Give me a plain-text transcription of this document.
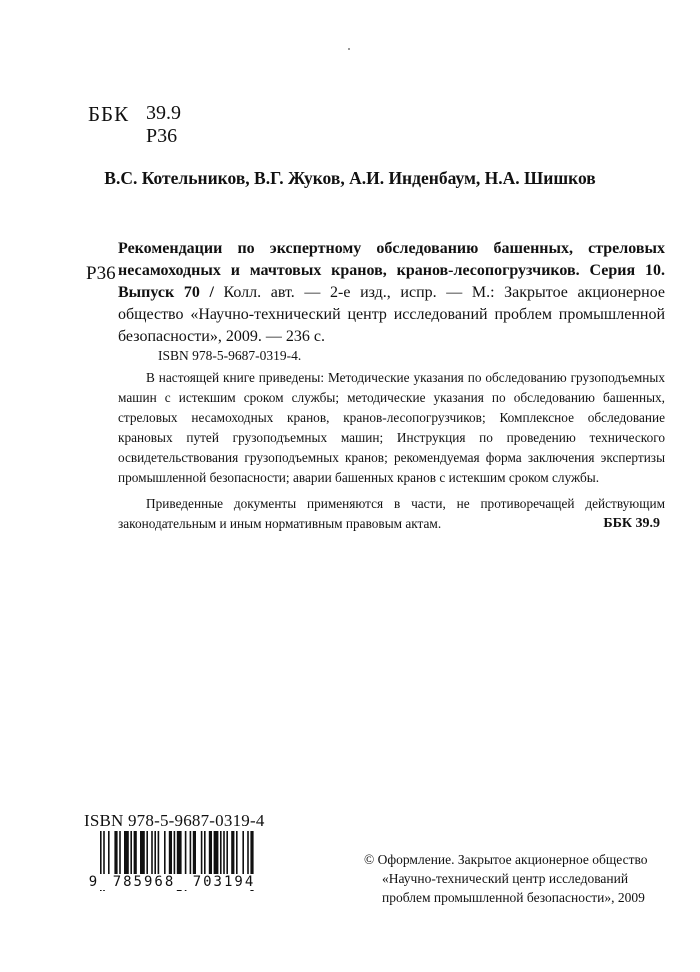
ББК 39.9
Р36
В.С. Котельников, В.Г. Жуков, А.И. Инденбаум, Н.А. Шишков
Р36
Рекомендации по экспертному обследованию башенных, стреловых несамоходных и мачтовых кранов, кранов-лесопогрузчиков. Серия 10. Выпуск 70 / Колл. авт. — 2-е изд., испр. — М.: Закрытое акционерное общество «Научно-технический центр исследований проблем промышленной безопасности», 2009. — 236 с.
ISBN 978-5-9687-0319-4.

В настоящей книге приведены: Методические указания по обследованию грузоподъемных машин с истекшим сроком службы; методические указания по обследованию башенных, стреловых несамоходных кранов, кранов-лесопогрузчиков; Комплексное обследование крановых путей грузоподъемных машин; Инструкция по проведению технического освидетельствования грузоподъемных кранов; рекомендуемая форма заключения экспертизы промышленной безопасности; аварии башенных кранов с истекшим сроком службы.

Приведенные документы применяются в части, не противоречащей действующим законодательным и иным нормативным правовым актам.	ББК 39.9
ISBN 978-5-9687-0319-4
9	785968	703194
© Оформление. Закрытое акционерное общество
«Научно-технический центр исследований
проблем промышленной безопасности», 2009
